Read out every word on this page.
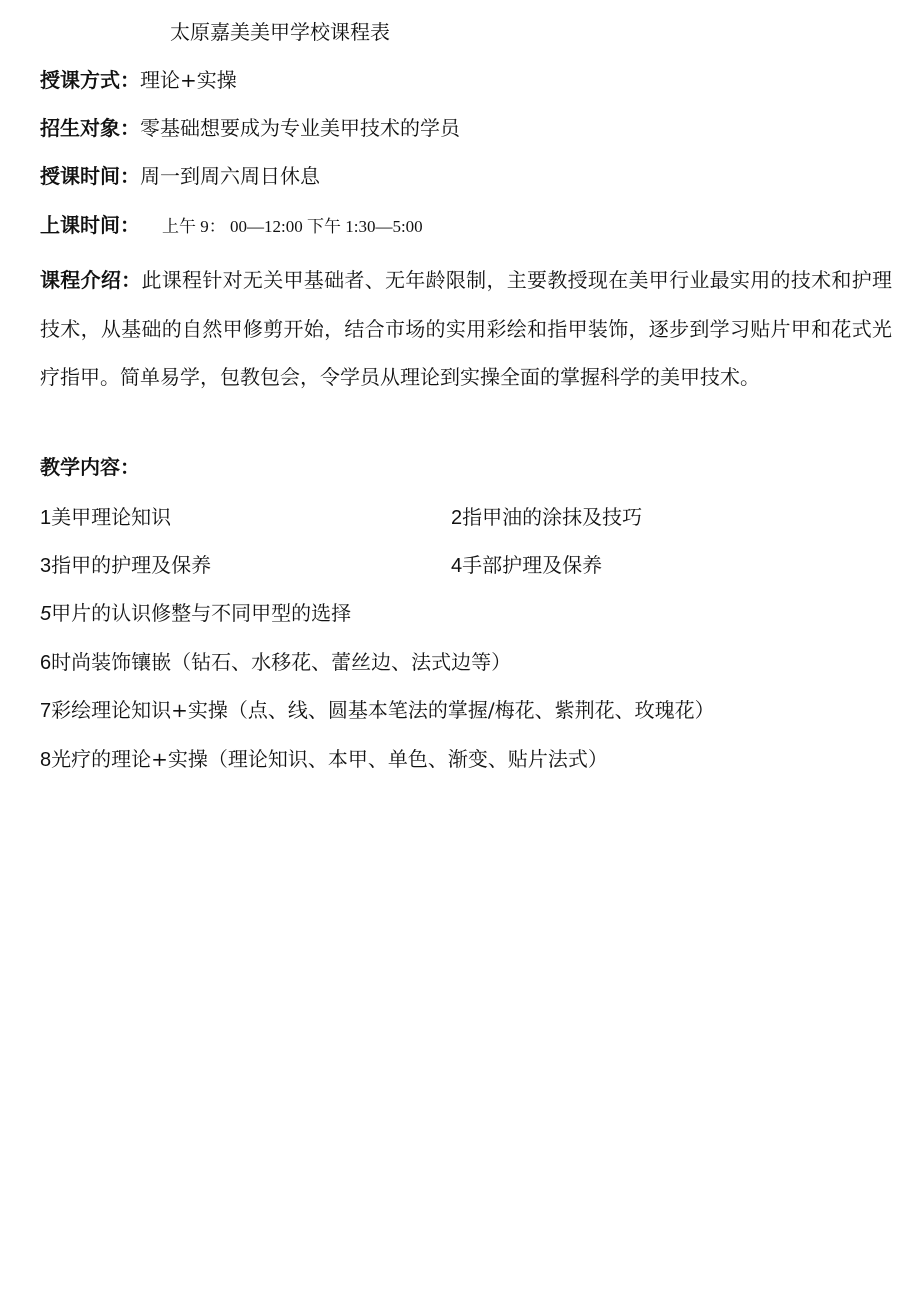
太原嘉美美甲学校课程表
授课方式：理论+实操
招生对象：零基础想要成为专业美甲技术的学员
授课时间：周一到周六周日休息
上课时间： 上午 9： 00—12:00 下午 1:30—5:00
课程介绍：此课程针对无关甲基础者、无年龄限制，主要教授现在美甲行业最实用的技术和护理技术，从基础的自然甲修剪开始，结合市场的实用彩绘和指甲装饰，逐步到学习贴片甲和花式光疗指甲。简单易学，包教包会，令学员从理论到实操全面的掌握科学的美甲技术。
教学内容：
1美甲理论知识	2指甲油的涂抹及技巧
3指甲的护理及保养	4手部护理及保养
5甲片的认识修整与不同甲型的选择
6时尚装饰镶嵌（钻石、水移花、蕾丝边、法式边等）
7彩绘理论知识+实操（点、线、圆基本笔法的掌握/梅花、紫荆花、玫瑰花）
8光疗的理论+实操（理论知识、本甲、单色、渐变、贴片法式）
